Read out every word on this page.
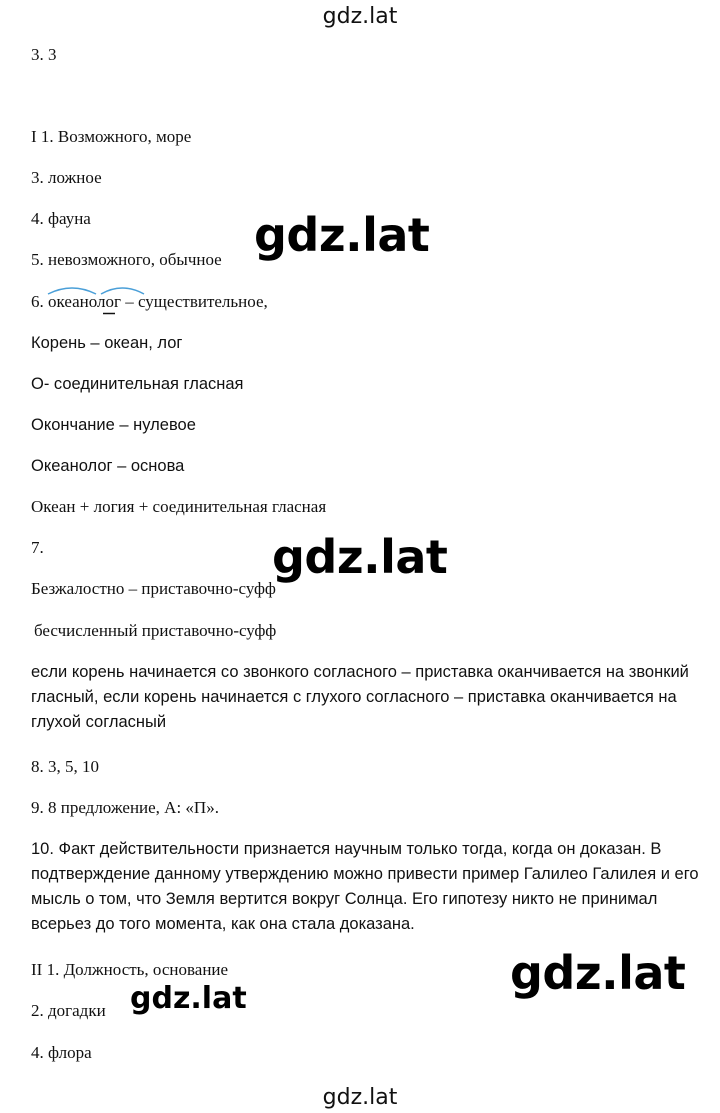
gdz.lat
3. 3
I 1. Возможного, море
3. ложное
4. фауна
5. невозможного, обычное
6. океанолог – существительное,
Корень – океан, лог
О- соединительная гласная
Окончание – нулевое
Океанолог – основа
Океан + логия + соединительная гласная
7.
Безжалостно – приставочно-суфф
бесчисленный приставочно-суфф
если корень начинается со звонкого согласного – приставка оканчивается на звонкий гласный, если корень начинается с глухого согласного – приставка оканчивается на глухой согласный
8. 3, 5, 10
9. 8 предложение, А: «П».
10. Факт действительности признается научным только тогда, когда он доказан. В подтверждение данному утверждению можно привести пример Галилео Галилея и его мысль о том, что Земля вертится вокруг Солнца. Его гипотезу никто не принимал всерьез до того момента, как она стала доказана.
II 1. Должность, основание
2. догадки
4. флора
gdz.lat
gdz.lat
gdz.lat
gdz.lat
gdz.lat
